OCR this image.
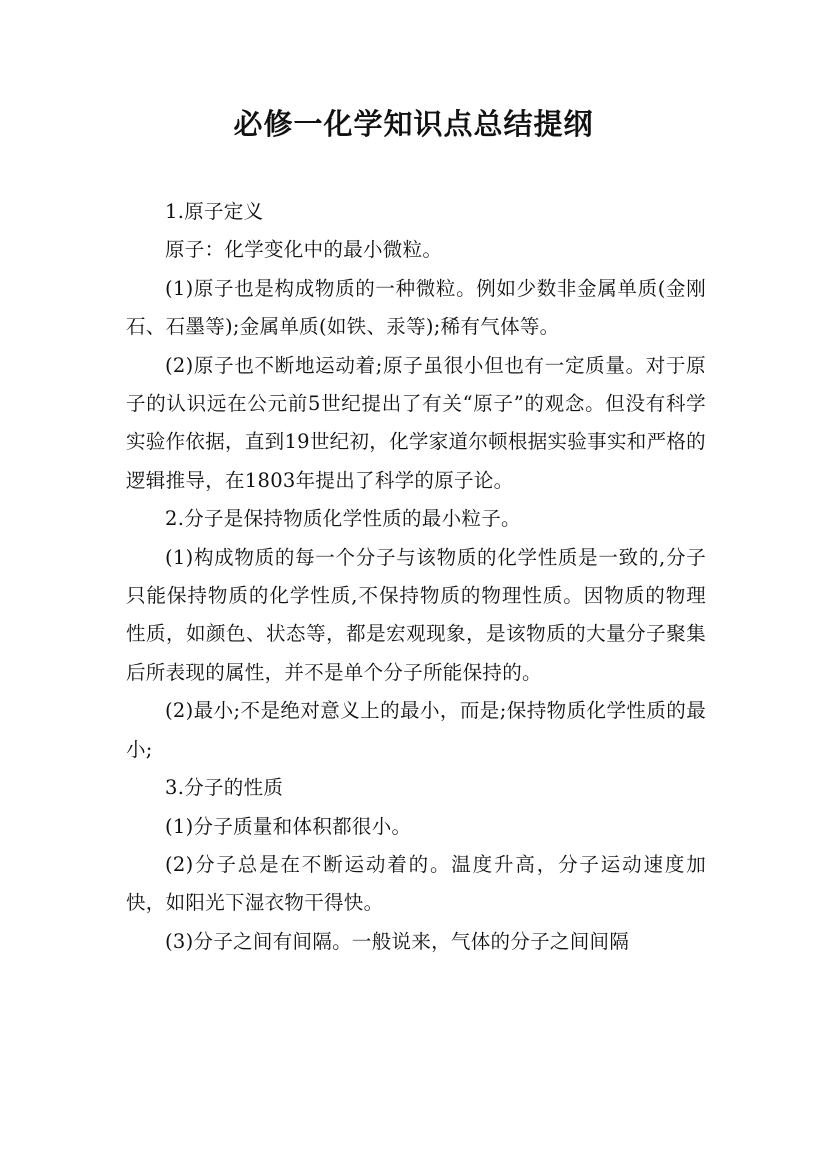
必修一化学知识点总结提纲

1.原子定义

原子：化学变化中的最小微粒。

(1)原子也是构成物质的一种微粒。例如少数非金属单质(金刚石、石墨等);金属单质(如铁、汞等);稀有气体等。

(2)原子也不断地运动着;原子虽很小但也有一定质量。对于原子的认识远在公元前5世纪提出了有关“原子”的观念。但没有科学实验作依据，直到19世纪初，化学家道尔顿根据实验事实和严格的逻辑推导，在1803年提出了科学的原子论。

2.分子是保持物质化学性质的最小粒子。

(1)构成物质的每一个分子与该物质的化学性质是一致的,分子只能保持物质的化学性质,不保持物质的物理性质。因物质的物理性质，如颜色、状态等，都是宏观现象，是该物质的大量分子聚集后所表现的属性，并不是单个分子所能保持的。

(2)最小;不是绝对意义上的最小，而是;保持物质化学性质的最小;

3.分子的性质

(1)分子质量和体积都很小。

(2)分子总是在不断运动着的。温度升高，分子运动速度加快，如阳光下湿衣物干得快。

(3)分子之间有间隔。一般说来，气体的分子之间间隔
